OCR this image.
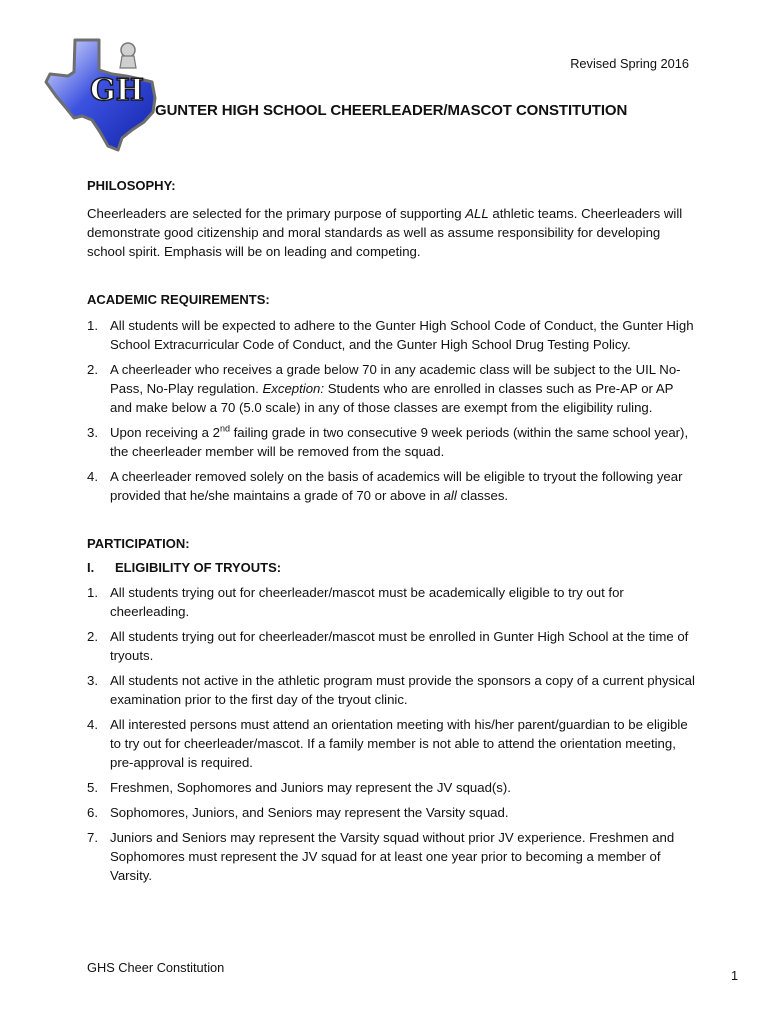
GH
Revised Spring 2016
GUNTER HIGH SCHOOL CHEERLEADER/MASCOT CONSTITUTION
PHILOSOPHY:

Cheerleaders are selected for the primary purpose of supporting ALL athletic teams. Cheerleaders will demonstrate good citizenship and moral standards as well as assume responsibility for developing school spirit. Emphasis will be on leading and competing.

ACADEMIC REQUIREMENTS:
1. All students will be expected to adhere to the Gunter High School Code of Conduct, the Gunter High School Extracurricular Code of Conduct, and the Gunter High School Drug Testing Policy.
2. A cheerleader who receives a grade below 70 in any academic class will be subject to the UIL No-Pass, No-Play regulation. Exception: Students who are enrolled in classes such as Pre-AP or AP and make below a 70 (5.0 scale) in any of those classes are exempt from the eligibility ruling.
3. Upon receiving a 2nd failing grade in two consecutive 9 week periods (within the same school year), the cheerleader member will be removed from the squad.
4. A cheerleader removed solely on the basis of academics will be eligible to tryout the following year provided that he/she maintains a grade of 70 or above in all classes.
PARTICIPATION:

I. ELIGIBILITY OF TRYOUTS:

1. All students trying out for cheerleader/mascot must be academically eligible to try out for cheerleading.
2. All students trying out for cheerleader/mascot must be enrolled in Gunter High School at the time of tryouts.
3. All students not active in the athletic program must provide the sponsors a copy of a current physical examination prior to the first day of the tryout clinic.
4. All interested persons must attend an orientation meeting with his/her parent/guardian to be eligible to try out for cheerleader/mascot. If a family member is not able to attend the orientation meeting, pre-approval is required.
5. Freshmen, Sophomores and Juniors may represent the JV squad(s).
6. Sophomores, Juniors, and Seniors may represent the Varsity squad.
7. Juniors and Seniors may represent the Varsity squad without prior JV experience. Freshmen and Sophomores must represent the JV squad for at least one year prior to becoming a member of Varsity.
GHS Cheer Constitution
1
